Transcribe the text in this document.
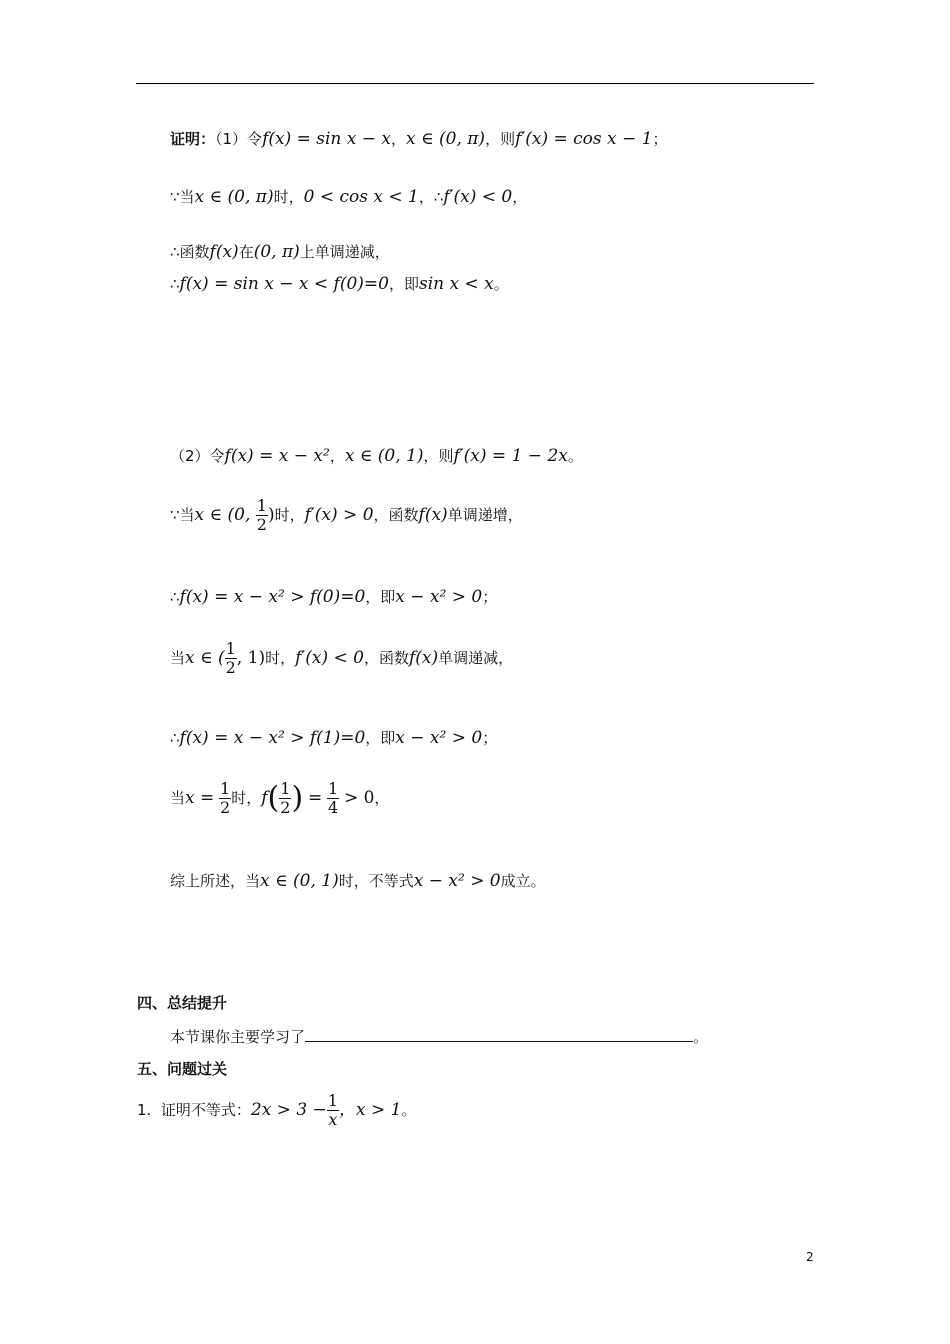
证明：（1）令f(x) = sin x − x，x ∈ (0, π)，则f′(x) = cos x − 1；
∵当x ∈ (0, π)时，0 < cos x < 1，∴f′(x) < 0，
∴函数f(x)在(0, π)上单调递减，
∴f(x) = sin x − x < f(0)=0，即sin x < x。
（2）令f(x) = x − x²，x ∈ (0, 1)，则f′(x) = 1 − 2x。
∵当x ∈ (0, $\frac{1}{2}$ )时，f′(x) > 0，函数f(x)单调递增，
∴f(x) = x − x² > f(0)=0，即x − x² > 0；
当x ∈ ( $\frac{1}{2}$ , 1)时，f′(x) < 0，函数f(x)单调递减，
∴f(x) = x − x² > f(1)=0，即x − x² > 0；
当$x = \frac{1}{2}$ 时，$f( \frac{1}{2}$ ) = $\frac{1}{4} > 0$，
综上所述，当x ∈ (0, 1)时，不等式x − x² > 0成立。
四、总结提升
本节课你主要学习了	。
五、问题过关
1. 证明不等式：$2x > 3 - \frac{1}{x}$ ，x > 1。
2
